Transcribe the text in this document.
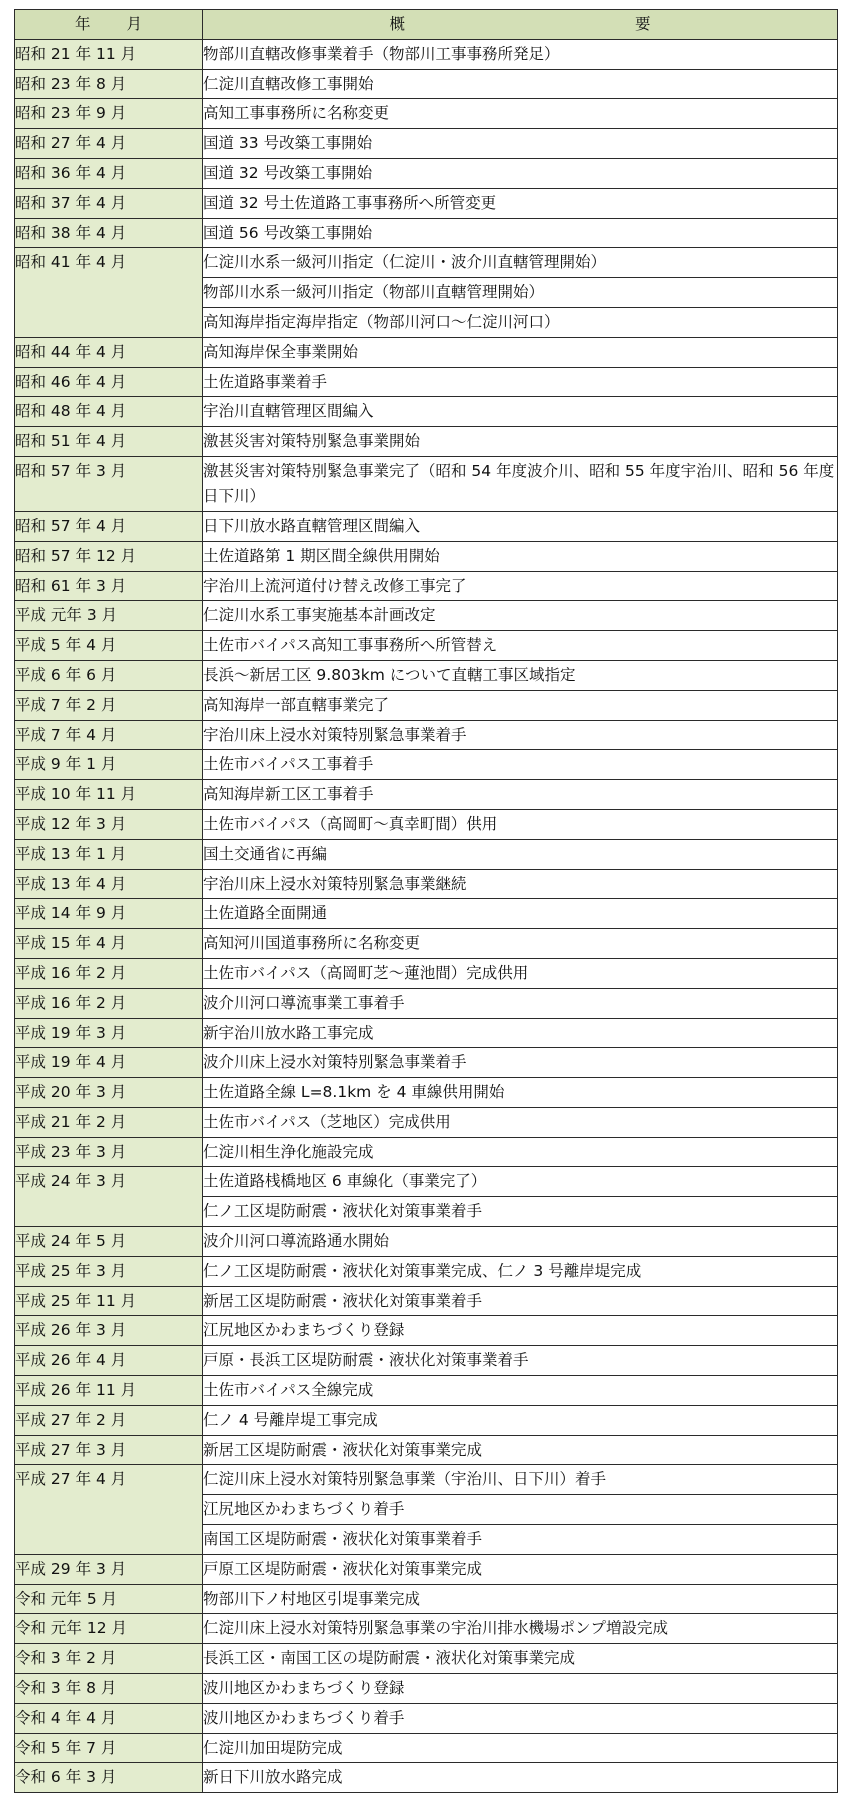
年 月	概 要
昭和 21 年 11 月	物部川直轄改修事業着手（物部川工事事務所発足）
昭和 23 年 8 月	仁淀川直轄改修工事開始
昭和 23 年 9 月	高知工事事務所に名称変更
昭和 27 年 4 月	国道 33 号改築工事開始
昭和 36 年 4 月	国道 32 号改築工事開始
昭和 37 年 4 月	国道 32 号土佐道路工事事務所へ所管変更
昭和 38 年 4 月	国道 56 号改築工事開始
昭和 41 年 4 月	仁淀川水系一級河川指定（仁淀川・波介川直轄管理開始）
	物部川水系一級河川指定（物部川直轄管理開始）
	高知海岸指定海岸指定（物部川河口～仁淀川河口）
昭和 44 年 4 月	高知海岸保全事業開始
昭和 46 年 4 月	土佐道路事業着手
昭和 48 年 4 月	宇治川直轄管理区間編入
昭和 51 年 4 月	激甚災害対策特別緊急事業開始
昭和 57 年 3 月	激甚災害対策特別緊急事業完了（昭和 54 年度波介川、昭和 55 年度宇治川、昭和 56 年度日下川）
昭和 57 年 4 月	日下川放水路直轄管理区間編入
昭和 57 年 12 月	土佐道路第 1 期区間全線供用開始
昭和 61 年 3 月	宇治川上流河道付け替え改修工事完了
平成 元年 3 月	仁淀川水系工事実施基本計画改定
平成 5 年 4 月	土佐市バイパス高知工事事務所へ所管替え
平成 6 年 6 月	長浜～新居工区 9.803km について直轄工事区域指定
平成 7 年 2 月	高知海岸一部直轄事業完了
平成 7 年 4 月	宇治川床上浸水対策特別緊急事業着手
平成 9 年 1 月	土佐市バイパス工事着手
平成 10 年 11 月	高知海岸新工区工事着手
平成 12 年 3 月	土佐市バイパス（高岡町～真幸町間）供用
平成 13 年 1 月	国土交通省に再編
平成 13 年 4 月	宇治川床上浸水対策特別緊急事業継続
平成 14 年 9 月	土佐道路全面開通
平成 15 年 4 月	高知河川国道事務所に名称変更
平成 16 年 2 月	土佐市バイパス（高岡町芝～蓮池間）完成供用
平成 16 年 2 月	波介川河口導流事業工事着手
平成 19 年 3 月	新宇治川放水路工事完成
平成 19 年 4 月	波介川床上浸水対策特別緊急事業着手
平成 20 年 3 月	土佐道路全線 L=8.1km を 4 車線供用開始
平成 21 年 2 月	土佐市バイパス（芝地区）完成供用
平成 23 年 3 月	仁淀川相生浄化施設完成
平成 24 年 3 月	土佐道路桟橋地区 6 車線化（事業完了）
	仁ノ工区堤防耐震・液状化対策事業着手
平成 24 年 5 月	波介川河口導流路通水開始
平成 25 年 3 月	仁ノ工区堤防耐震・液状化対策事業完成、仁ノ 3 号離岸堤完成
平成 25 年 11 月	新居工区堤防耐震・液状化対策事業着手
平成 26 年 3 月	江尻地区かわまちづくり登録
平成 26 年 4 月	戸原・長浜工区堤防耐震・液状化対策事業着手
平成 26 年 11 月	土佐市バイパス全線完成
平成 27 年 2 月	仁ノ 4 号離岸堤工事完成
平成 27 年 3 月	新居工区堤防耐震・液状化対策事業完成
平成 27 年 4 月	仁淀川床上浸水対策特別緊急事業（宇治川、日下川）着手
	江尻地区かわまちづくり着手
	南国工区堤防耐震・液状化対策事業着手
平成 29 年 3 月	戸原工区堤防耐震・液状化対策事業完成
令和 元年 5 月	物部川下ノ村地区引堤事業完成
令和 元年 12 月	仁淀川床上浸水対策特別緊急事業の宇治川排水機場ポンプ増設完成
令和 3 年 2 月	長浜工区・南国工区の堤防耐震・液状化対策事業完成
令和 3 年 8 月	波川地区かわまちづくり登録
令和 4 年 4 月	波川地区かわまちづくり着手
令和 5 年 7 月	仁淀川加田堤防完成
令和 6 年 3 月	新日下川放水路完成
